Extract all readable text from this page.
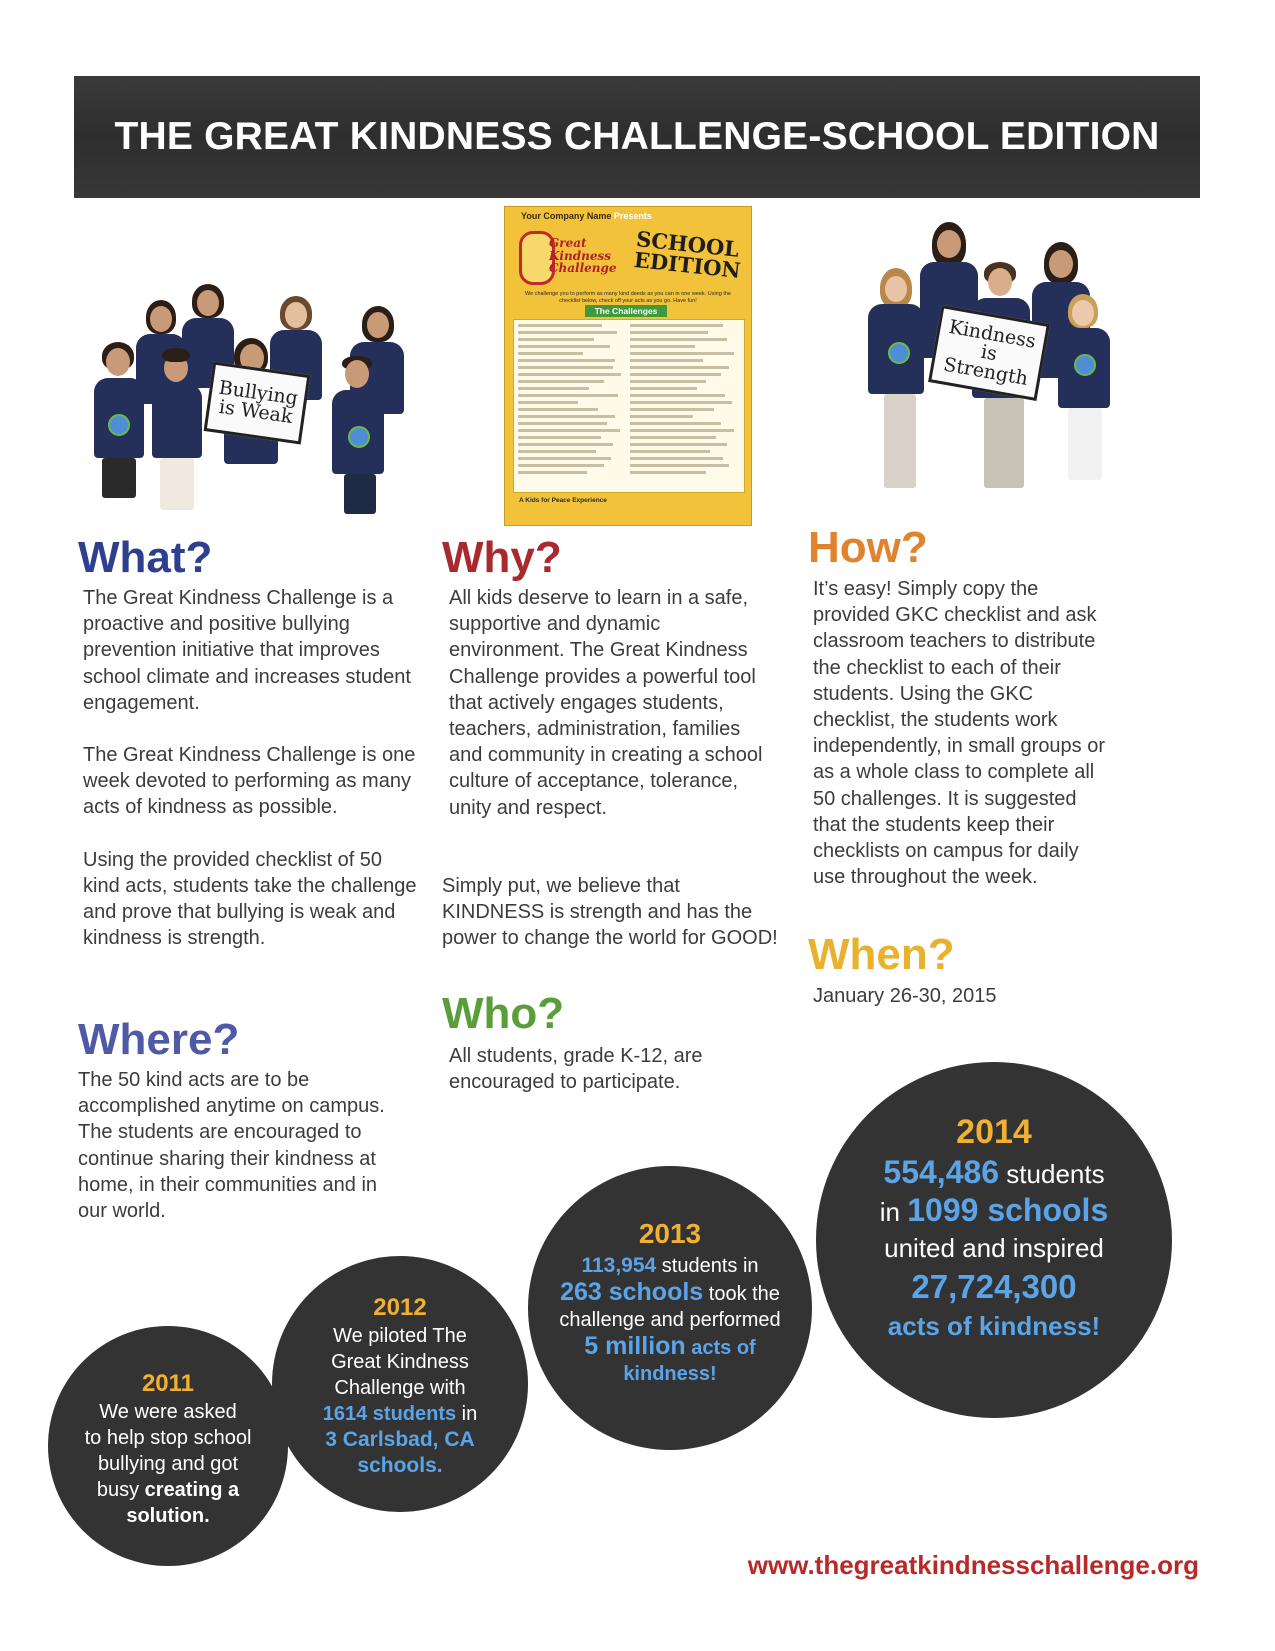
THE GREAT KINDNESS CHALLENGE-SCHOOL EDITION
Bullying is Weak
Your Company Name Presents
Great Kindness Challenge
SCHOOL EDITION
We challenge you to perform as many kind deeds as you can in one week. Using the checklist below, check off your acts as you go. Have fun!
The Challenges
A Kids for Peace Experience
Kindness is Strength
What?

The Great Kindness Challenge is a proactive and positive bullying prevention initiative that improves school climate and increases student engagement.

The Great Kindness Challenge is one week devoted to performing as many acts of kindness as possible.

Using the provided checklist of 50 kind acts, students take the challenge and prove that bullying is weak and kindness is strength.

Why?

All kids deserve to learn in a safe, supportive and dynamic environment. The Great Kindness Challenge provides a powerful tool that actively engages students, teachers, administration, families and community in creating a school culture of acceptance, tolerance, unity and respect.

Simply put, we believe that KINDNESS is strength and has the power to change the world for GOOD!

How?

It’s easy! Simply copy the provided GKC checklist and ask classroom teachers to distribute the checklist to each of their students. Using the GKC checklist, the students work independently, in small groups or as a whole class to complete all 50 challenges. It is suggested that the students keep their checklists on campus for daily use throughout the week.

When?
January 26-30, 2015
Where?
The 50 kind acts are to be accomplished anytime on campus. The students are encouraged to continue sharing their kindness at home, in their communities and in our world.
Who?
All students, grade K-12, are encouraged to participate.
2011
We were asked
to help stop school
bullying and got
busy creating a
solution.
2012
We piloted The
Great Kindness
Challenge with
1614 students in
3 Carlsbad, CA
schools.
2013
113,954 students in
263 schools took the
challenge and performed
5 million acts of
kindness!
2014
554,486 students
in 1099 schools
united and inspired
27,724,300
acts of kindness!
www.thegreatkindnesschallenge.org
